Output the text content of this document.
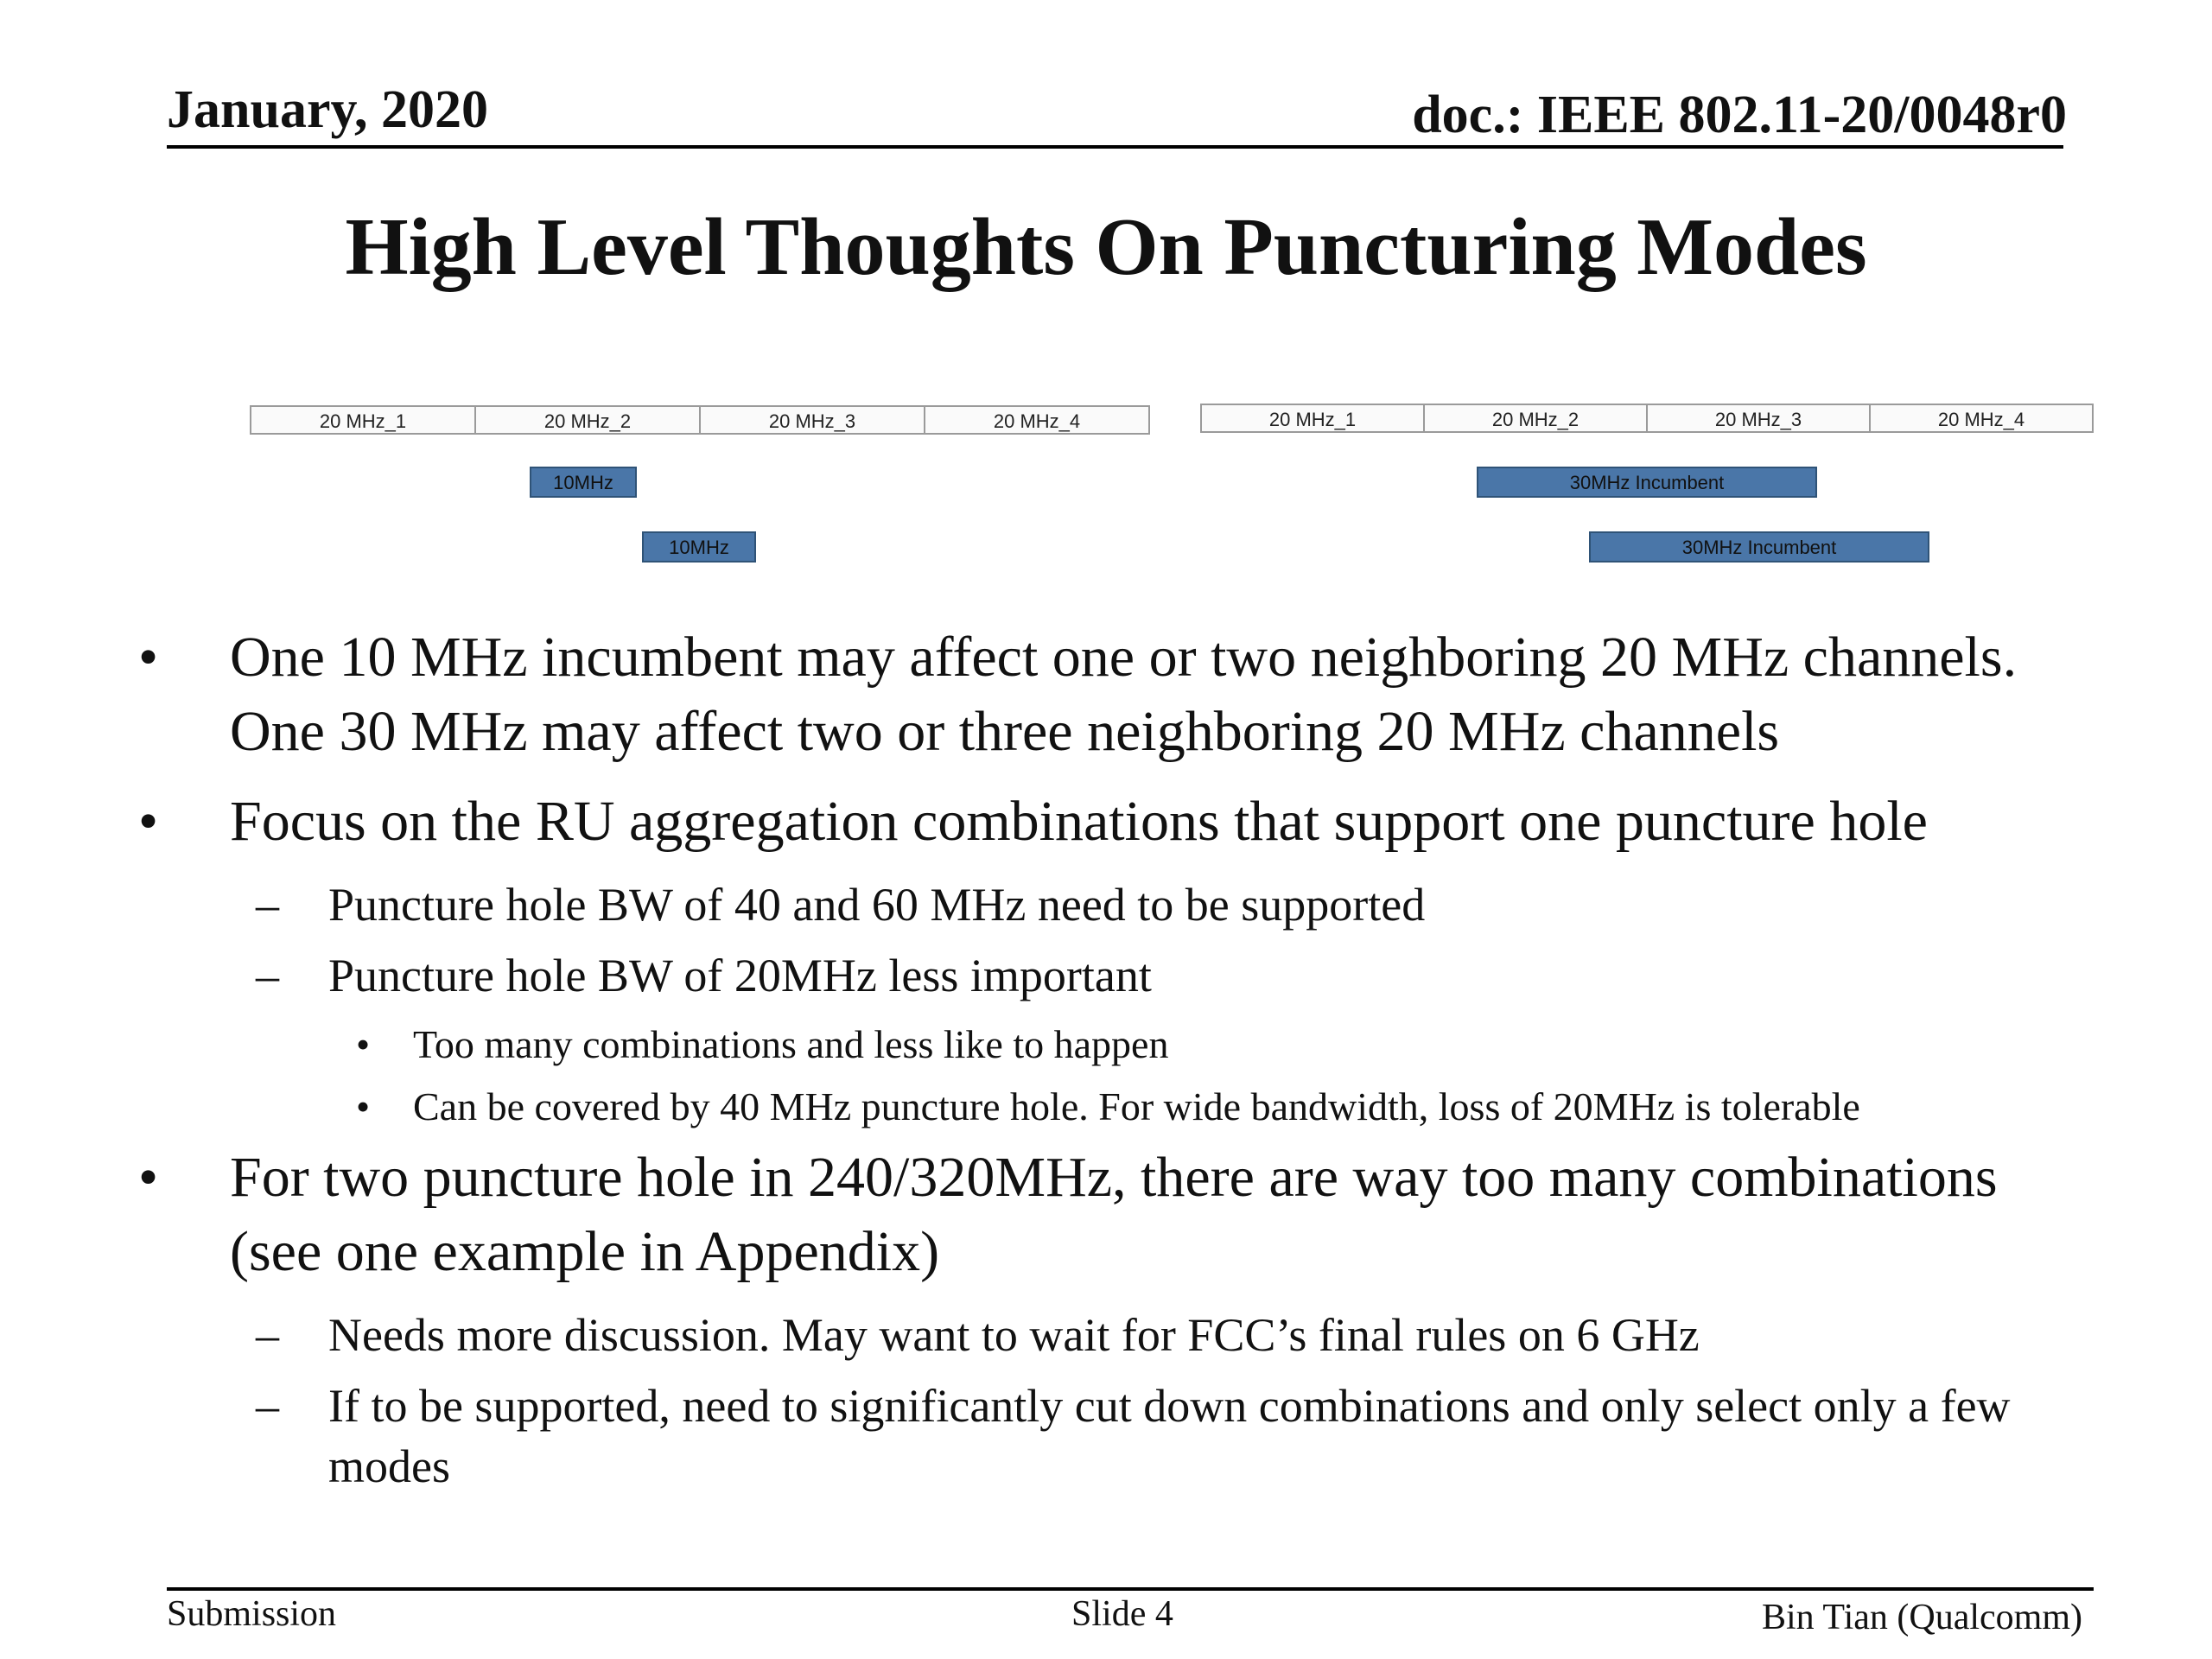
January, 2020	doc.: IEEE 802.11-20/0048r0
High Level Thoughts On Puncturing Modes
20 MHz_1	20 MHz_2	20 MHz_3	20 MHz_4
10MHz
10MHz
20 MHz_1	20 MHz_2	20 MHz_3	20 MHz_4
30MHz Incumbent
30MHz Incumbent
• One 10 MHz incumbent may affect one or two neighboring 20 MHz channels. One 30 MHz may affect two or three neighboring 20 MHz channels
• Focus on the RU aggregation combinations that support one puncture hole
– Puncture hole BW of 40 and 60 MHz need to be supported
– Puncture hole BW of 20MHz less important
• Too many combinations and less like to happen
• Can be covered by 40 MHz puncture hole. For wide bandwidth, loss of 20MHz is tolerable
• For two puncture hole in 240/320MHz, there are way too many combinations (see one example in Appendix)
– Needs more discussion. May want to wait for FCC’s final rules on 6 GHz
– If to be supported, need to significantly cut down combinations and only select only a few modes
Submission	Slide 4	Bin Tian (Qualcomm)
